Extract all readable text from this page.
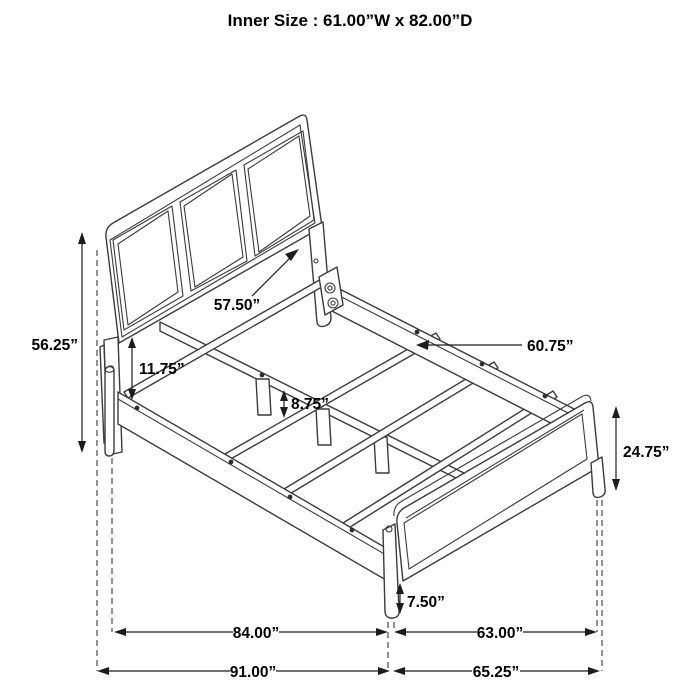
56.25”
57.50”
11.75”
60.75”
8.75”
24.75”
7.50”
84.00”	63.00”
91.00”	65.25”
Inner Size : 61.00”W x 82.00”D
